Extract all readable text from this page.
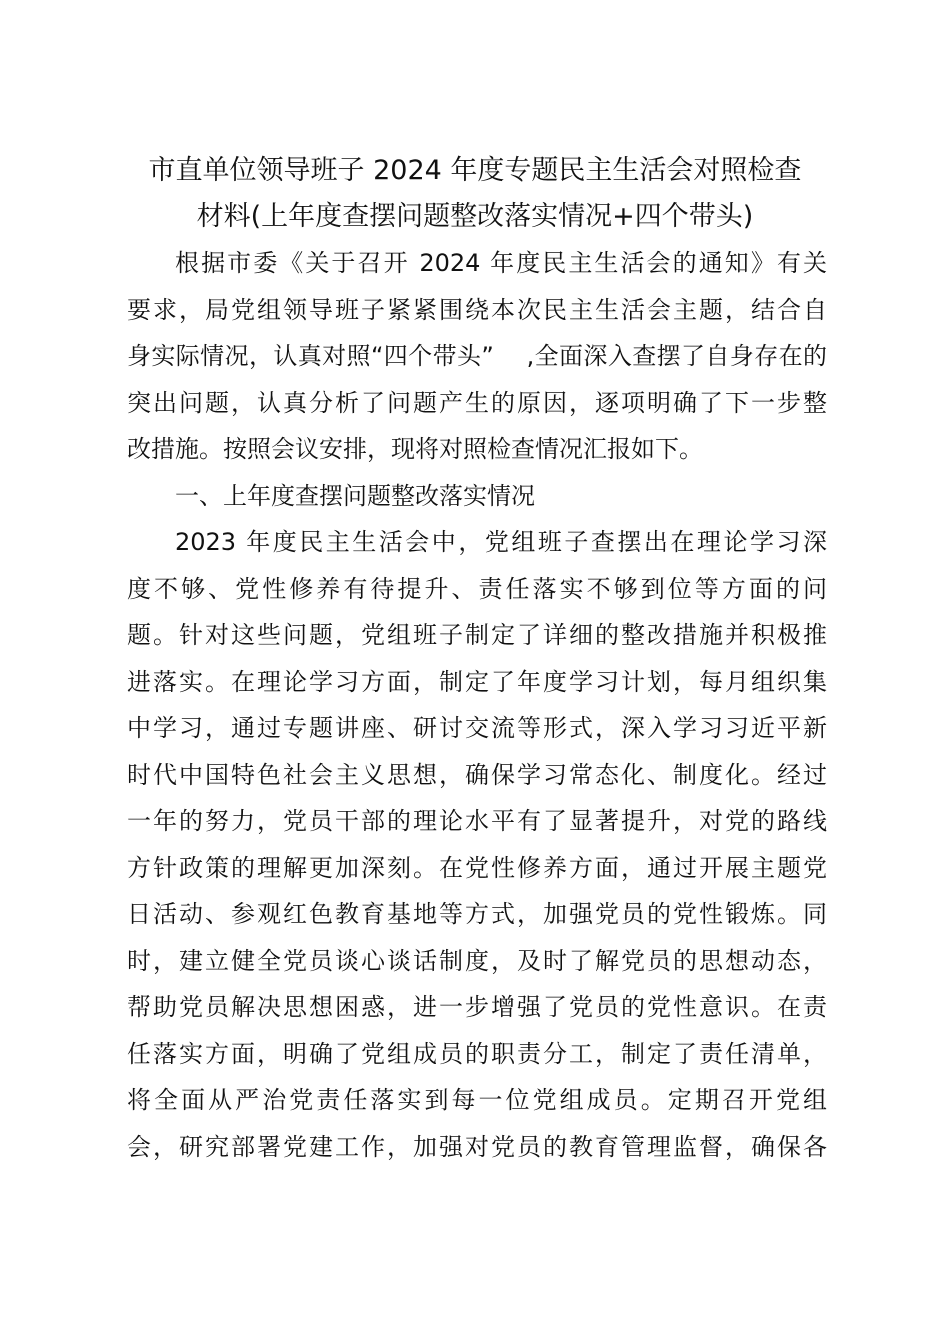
市直单位领导班子 2024 年度专题民主生活会对照检查
材料(上年度查摆问题整改落实情况+四个带头)

根据市委《关于召开 2024 年度民主生活会的通知》有关

要求，局党组领导班子紧紧围绕本次民主生活会主题，结合自

身实际情况，认真对照“四个带头”　 ,全面深入查摆了自身存在的

突出问题，认真分析了问题产生的原因，逐项明确了下一步整

改措施。按照会议安排，现将对照检查情况汇报如下。

一、上年度查摆问题整改落实情况

2023 年度民主生活会中，党组班子查摆出在理论学习深

度不够、党性修养有待提升、责任落实不够到位等方面的问

题。针对这些问题，党组班子制定了详细的整改措施并积极推

进落实。在理论学习方面，制定了年度学习计划，每月组织集

中学习，通过专题讲座、研讨交流等形式，深入学习习近平新

时代中国特色社会主义思想，确保学习常态化、制度化。经过

一年的努力，党员干部的理论水平有了显著提升，对党的路线

方针政策的理解更加深刻。在党性修养方面，通过开展主题党

日活动、参观红色教育基地等方式，加强党员的党性锻炼。同

时，建立健全党员谈心谈话制度，及时了解党员的思想动态，

帮助党员解决思想困惑，进一步增强了党员的党性意识。在责

任落实方面，明确了党组成员的职责分工，制定了责任清单，

将全面从严治党责任落实到每一位党组成员。定期召开党组

会，研究部署党建工作，加强对党员的教育管理监督，确保各
